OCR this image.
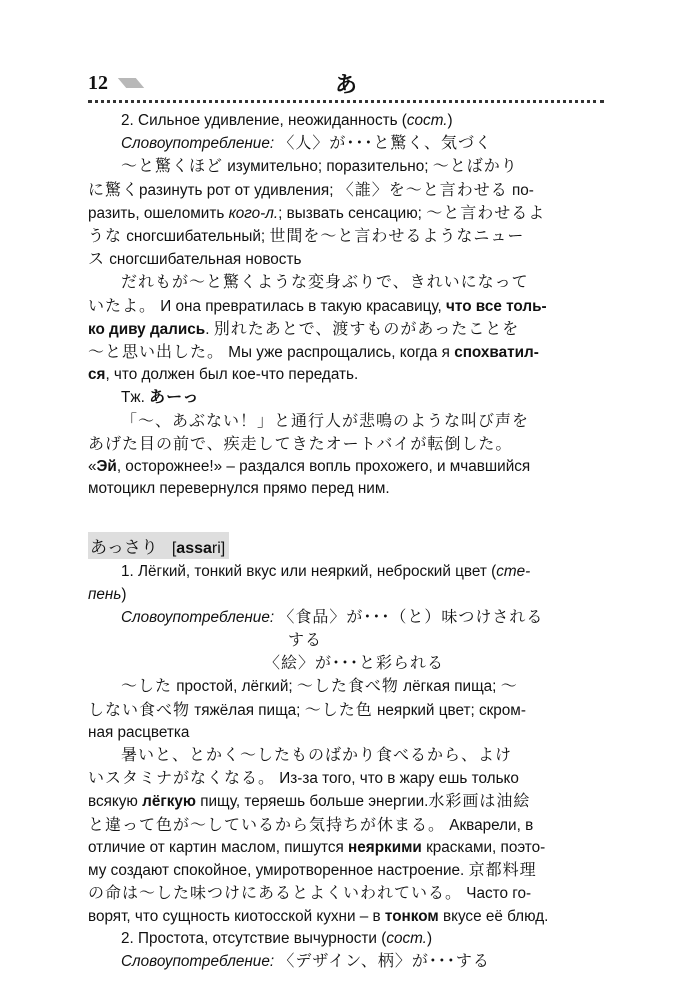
12	あ

2. Сильное удивление, неожиданность (сост.)

Словоупотребление: 〈人〉が･･･と驚く、気づく

〜と驚くほど изумительно; поразительно; 〜とばかり

に驚くразинуть рот от удивления; 〈誰〉を〜と言わせる по-

разить, ошеломить кого-л.; вызвать сенсацию; 〜と言わせるよ

うな сногсшибательный; 世間を〜と言わせるようなニュー

ス сногсшибательная новость

だれもが〜と驚くような変身ぶりで、きれいになって

いたよ。 И она превратилась в такую красавицу, что все толь-

ко диву дались. 別れたあとで、渡すものがあったことを

〜と思い出した。 Мы уже распрощались, когда я спохватил-

ся, что должен был кое-что передать.

Тж. あーっ

「〜、あぶない！」と通行人が悲鳴のような叫び声を

あげた目の前で、疾走してきたオートバイが転倒した。

«Эй, осторожнее!» – раздался вопль прохожего, и мчавшийся

мотоцикл перевернулся прямо перед ним.

あっさり [assari]

1. Лёгкий, тонкий вкус или неяркий, неброский цвет (сте-

пень)

Словоупотребление: 〈食品〉が･･･（と）味つけされる

する

〈絵〉が･･･と彩られる

〜した простой, лёгкий; 〜した食べ物 лёгкая пища; 〜

しない食べ物 тяжёлая пища; 〜した色 неяркий цвет; скром-

ная расцветка

暑いと、とかく〜したものばかり食べるから、よけ

いスタミナがなくなる。 Из-за того, что в жару ешь только

всякую лёгкую пищу, теряешь больше энергии.水彩画は油絵

と違って色が〜しているから気持ちが休まる。 Акварели, в

отличие от картин маслом, пишутся неяркими красками, поэто-

му создают спокойное, умиротворенное настроение. 京都料理

の命は〜した味つけにあるとよくいわれている。 Часто го-

ворят, что сущность киотосской кухни – в тонком вкусе её блюд.

2. Простота, отсутствие вычурности (сост.)

Словоупотребление: 〈デザイン、柄〉が･･･する
